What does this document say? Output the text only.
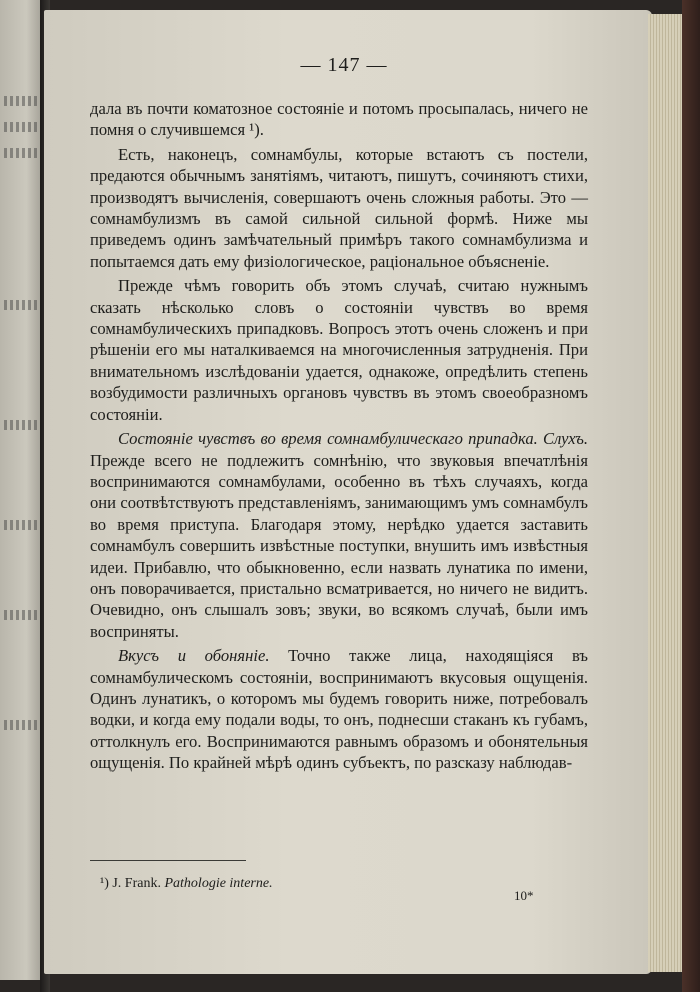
— 147 —

дала въ почти коматозное состояніе и потомъ просыпалась, ничего не помня о случившемся ¹).

Есть, наконецъ, сомнамбулы, которые встаютъ съ постели, предаются обычнымъ занятіямъ, читаютъ, пишутъ, сочиняютъ стихи, производятъ вычисленія, совершаютъ очень сложныя работы. Это — сомнамбулизмъ въ самой сильной сильной формѣ. Ниже мы приведемъ одинъ замѣчательный примѣръ такого сомнамбулизма и попытаемся дать ему физіологическое, раціональное объясненіе.

Прежде чѣмъ говорить объ этомъ случаѣ, считаю нужнымъ сказать нѣсколько словъ о состояніи чувствъ во время сомнамбулическихъ припадковъ. Вопросъ этотъ очень сложенъ и при рѣшеніи его мы наталкиваемся на многочисленныя затрудненія. При внимательномъ изслѣдованіи удается, однакоже, опредѣлить степень возбудимости различныхъ органовъ чувствъ въ этомъ своеобразномъ состояніи.

Состояніе чувствъ во время сомнамбулическаго припадка. Слухъ. Прежде всего не подлежитъ сомнѣнію, что звуковыя впечатлѣнія воспринимаются сомнамбулами, особенно въ тѣхъ случаяхъ, когда они соотвѣтствуютъ представленіямъ, занимающимъ умъ сомнамбулъ во время приступа. Благодаря этому, нерѣдко удается заставить сомнамбулъ совершить извѣстные поступки, внушить имъ извѣстныя идеи. Прибавлю, что обыкновенно, если назвать лунатика по имени, онъ поворачивается, пристально всматривается, но ничего не видитъ. Очевидно, онъ слышалъ зовъ; звуки, во всякомъ случаѣ, были имъ восприняты.

Вкусъ и обоняніе. Точно также лица, находящіяся въ сомнамбулическомъ состояніи, воспринимаютъ вкусовыя ощущенія. Одинъ лунатикъ, о которомъ мы будемъ говорить ниже, потребовалъ водки, и когда ему подали воды, то онъ, поднесши стаканъ къ губамъ, оттолкнулъ его. Воспринимаются равнымъ образомъ и обонятельныя ощущенія. По крайней мѣрѣ одинъ субъектъ, по разсказу наблюдав-

¹) J. Frank. Pathologie interne.
10*
